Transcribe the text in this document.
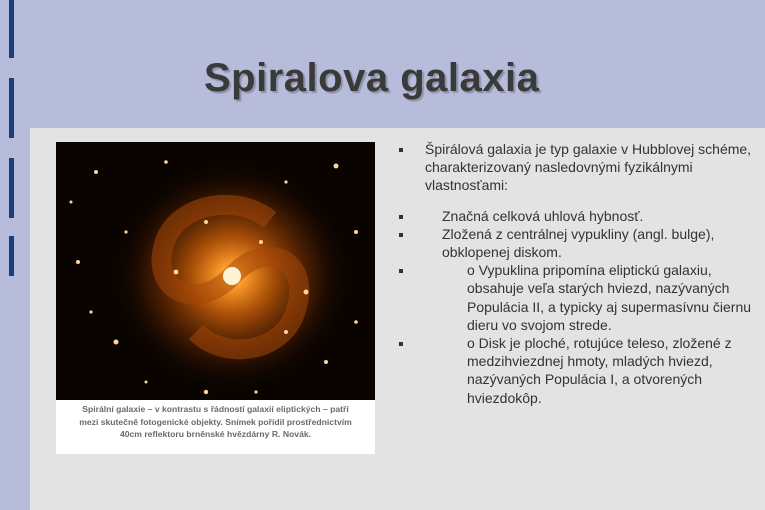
Spiralova galaxia
Spirální galaxie – v kontrastu s řádností galaxií eliptických – patří
mezi skutečně fotogenické objekty. Snímek pořídil prostřednictvím
40cm reflektoru brněnské hvězdárny R. Novák.
Špirálová galaxia je typ galaxie v Hubblovej schéme, charakterizovaný nasledovnými fyzikálnymi vlastnosťami:
Značná celková uhlová hybnosť.
Zložená z centrálnej vypukliny (angl. bulge), obklopenej diskom.
o Vypuklina pripomína eliptickú galaxiu, obsahuje veľa starých hviezd, nazývaných Populácia II, a typicky aj supermasívnu čiernu dieru vo svojom strede.
o Disk je ploché, rotujúce teleso, zložené z medzihviezdnej hmoty, mladých hviezd, nazývaných Populácia I, a otvorených hviezdokôp.
